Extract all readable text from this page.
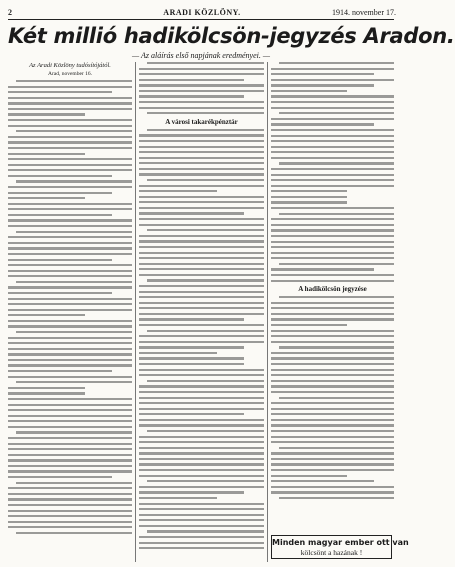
2	ARADI KÖZLÖNY.	1914. november 17.
Két millió hadikölcsön-jegyzés Aradon.
— Az aláírás első napjának eredményei. —
Az Aradi Közlöny tudósítójától.
Arad, november 16.
A városi takarékpénztár
A hadikölcsön jegyzése
Minden magyar ember ott van
kölcsönt a hazának !
